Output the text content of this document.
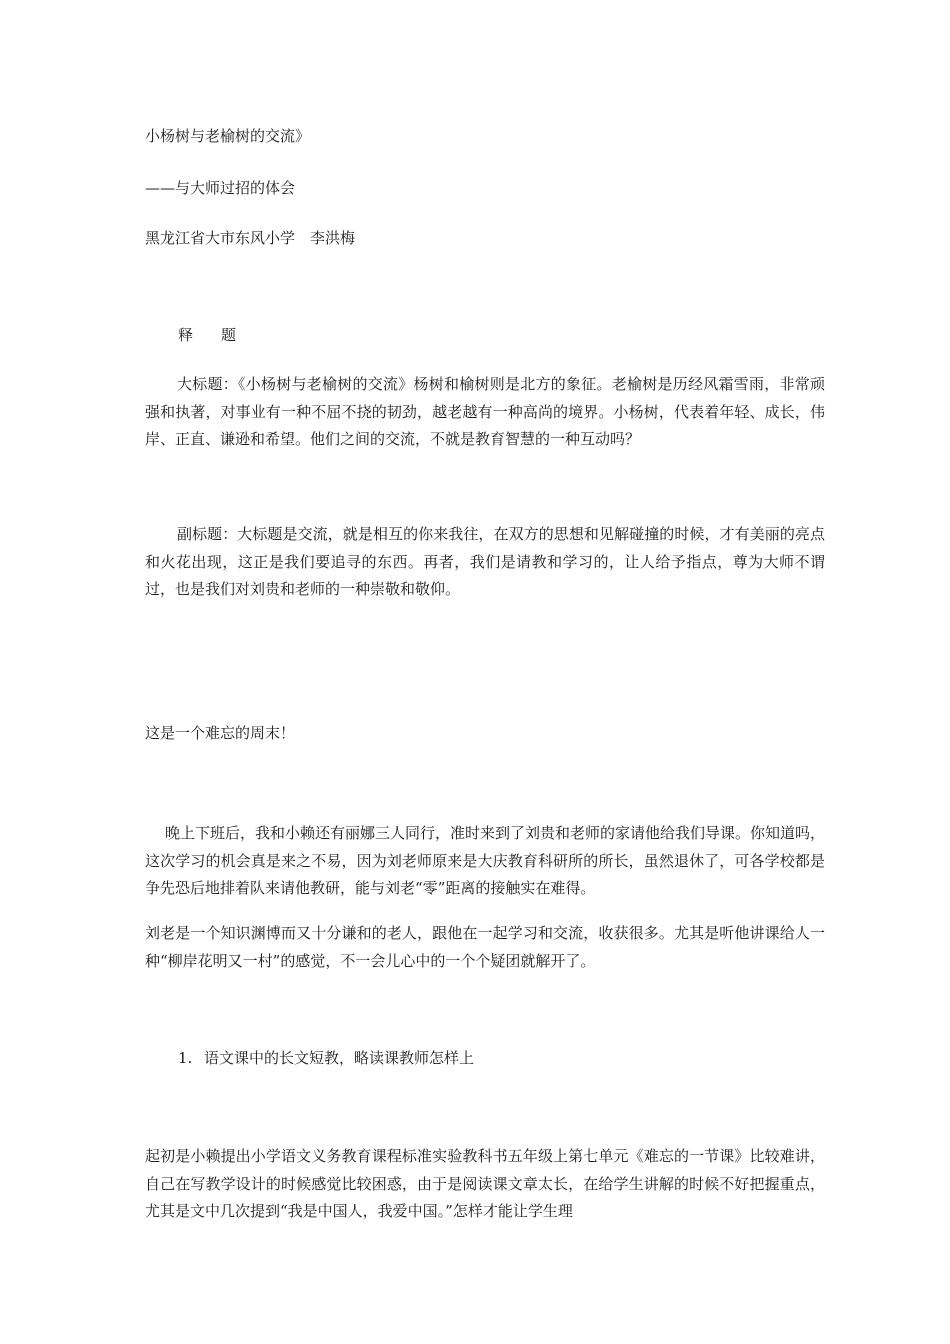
小杨树与老榆树的交流》
——与大师过招的体会
黑龙江省大市东风小学　李洪梅
释 题
大标题：《小杨树与老榆树的交流》杨树和榆树则是北方的象征。老榆树是历经风霜雪雨，非常顽强和执著，对事业有一种不屈不挠的韧劲，越老越有一种高尚的境界。小杨树，代表着年轻、成长，伟岸、正直、谦逊和希望。他们之间的交流，不就是教育智慧的一种互动吗？
副标题：大标题是交流，就是相互的你来我往，在双方的思想和见解碰撞的时候，才有美丽的亮点和火花出现，这正是我们要追寻的东西。再者，我们是请教和学习的，让人给予指点，尊为大师不谓过，也是我们对刘贵和老师的一种崇敬和敬仰。
这是一个难忘的周末！
晚上下班后，我和小赖还有丽娜三人同行，准时来到了刘贵和老师的家请他给我们导课。你知道吗，这次学习的机会真是来之不易，因为刘老师原来是大庆教育科研所的所长，虽然退休了，可各学校都是争先恐后地排着队来请他教研，能与刘老“零”距离的接触实在难得。
刘老是一个知识渊博而又十分谦和的老人，跟他在一起学习和交流，收获很多。尤其是听他讲课给人一种“柳岸花明又一村”的感觉，不一会儿心中的一个个疑团就解开了。
1. 语文课中的长文短教，略读课教师怎样上
起初是小赖提出小学语文义务教育课程标准实验教科书五年级上第七单元《难忘的一节课》比较难讲，自己在写教学设计的时候感觉比较困惑，由于是阅读课文章太长，在给学生讲解的时候不好把握重点，尤其是文中几次提到“我是中国人，我爱中国。”怎样才能让学生理
